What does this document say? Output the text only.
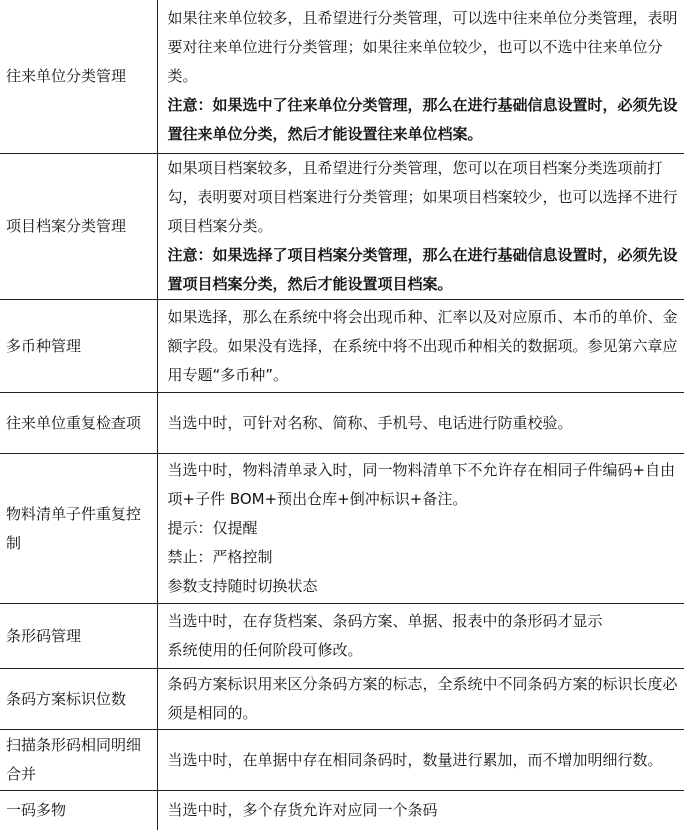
往来单位分类管理	如果往来单位较多，且希望进行分类管理，可以选中往来单位分类管理，表明要对往来单位进行分类管理；如果往来单位较少，也可以不选中往来单位分类。
注意：如果选中了往来单位分类管理，那么在进行基础信息设置时，必须先设置往来单位分类，然后才能设置往来单位档案。

项目档案分类管理	如果项目档案较多，且希望进行分类管理，您可以在项目档案分类选项前打勾，表明要对项目档案进行分类管理；如果项目档案较少，也可以选择不进行项目档案分类。
注意：如果选择了项目档案分类管理，那么在进行基础信息设置时，必须先设置项目档案分类，然后才能设置项目档案。

多币种管理	如果选择，那么在系统中将会出现币种、汇率以及对应原币、本币的单价、金额字段。如果没有选择，在系统中将不出现币种相关的数据项。参见第六章应用专题“多币种”。

往来单位重复检查项	当选中时，可针对名称、简称、手机号、电话进行防重校验。

物料清单子件重复控制	当选中时，物料清单录入时，同一物料清单下不允许存在相同子件编码+自由项+子件 BOM+预出仓库+倒冲标识+备注。
提示：仅提醒
禁止：严格控制
参数支持随时切换状态

条形码管理	当选中时，在存货档案、条码方案、单据、报表中的条形码才显示
系统使用的任何阶段可修改。

条码方案标识位数	条码方案标识用来区分条码方案的标志，全系统中不同条码方案的标识长度必须是相同的。

扫描条形码相同明细合并	当选中时，在单据中存在相同条码时，数量进行累加，而不增加明细行数。

一码多物	当选中时，多个存货允许对应同一个条码
